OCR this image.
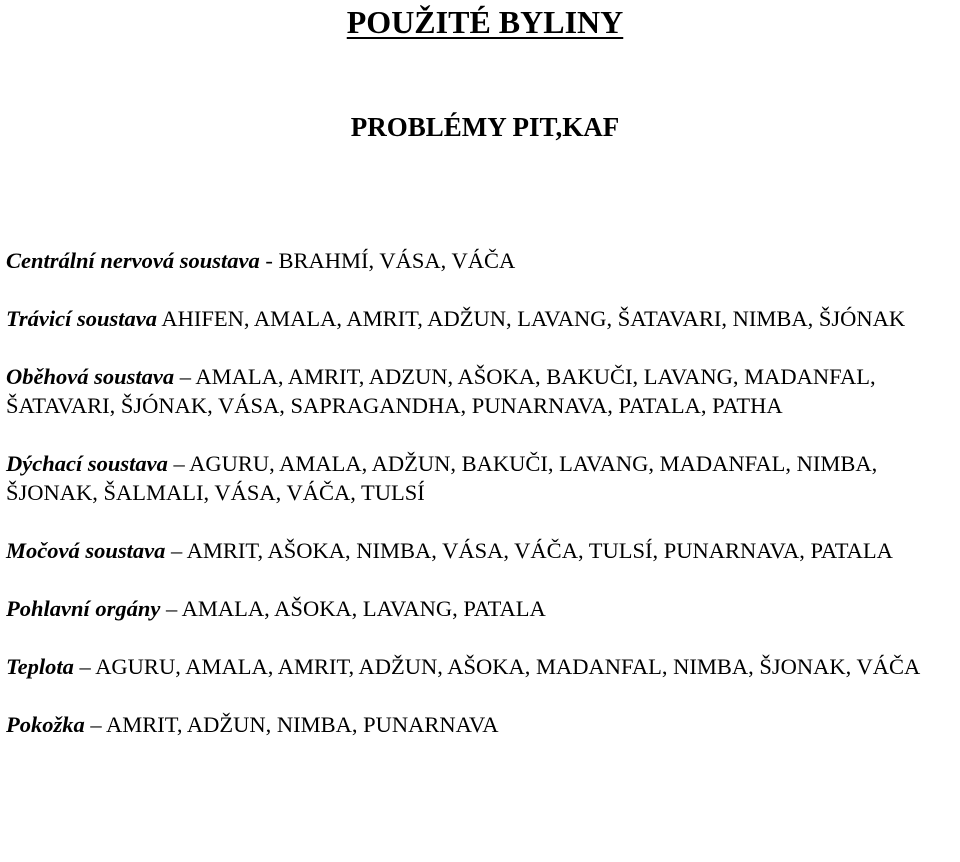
POUŽITÉ BYLINY
PROBLÉMY PIT,KAF

Centrální nervová soustava - BRAHMÍ, VÁSA, VÁČA

Trávicí soustava AHIFEN, AMALA, AMRIT, ADŽUN, LAVANG, ŠATAVARI, NIMBA, ŠJÓNAK

Oběhová soustava – AMALA, AMRIT, ADZUN, AŠOKA, BAKUČI, LAVANG, MADANFAL, ŠATAVARI, ŠJÓNAK, VÁSA, SAPRAGANDHA, PUNARNAVA, PATALA, PATHA

Dýchací soustava – AGURU, AMALA, ADŽUN, BAKUČI, LAVANG, MADANFAL, NIMBA, ŠJONAK, ŠALMALI, VÁSA, VÁČA, TULSÍ

Močová soustava – AMRIT, AŠOKA, NIMBA, VÁSA, VÁČA, TULSÍ, PUNARNAVA, PATALA

Pohlavní orgány – AMALA, AŠOKA, LAVANG, PATALA

Teplota – AGURU, AMALA, AMRIT, ADŽUN, AŠOKA, MADANFAL, NIMBA, ŠJONAK, VÁČA

Pokožka – AMRIT, ADŽUN, NIMBA, PUNARNAVA
